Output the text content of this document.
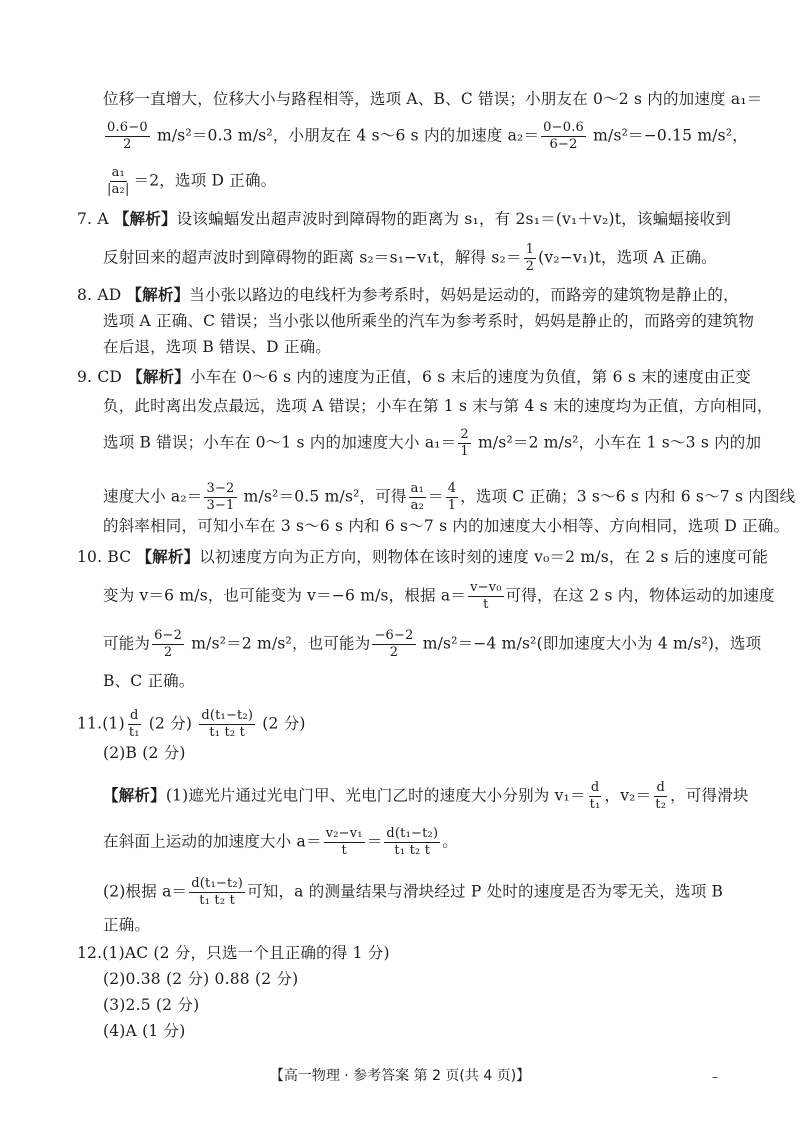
位移一直增大，位移大小与路程相等，选项 A、B、C 错误；小朋友在 0～2 s 内的加速度 a₁＝
$\frac{0.6-0}{2} m/s^2=0.3$ m/s²，小朋友在 4 s～6 s 内的加速度 $a_2= \frac{0-0.6}{6-2} m/s^2=-0.15$ m/s²，
$\frac{\text{a₁}}{\text{|a₂|}} =2$，选项 D 正确。
7. A 【解析】设该蝙蝠发出超声波时到障碍物的距离为 s₁，有 2s₁＝(v₁＋v₂)t，该蝙蝠接收到
反射回来的超声波时到障碍物的距离 s₂＝s₁−v₁t，解得 $s_2= \frac{1}{2} (v_2-v_1)t$，选项 A 正确。
8. AD 【解析】当小张以路边的电线杆为参考系时，妈妈是运动的，而路旁的建筑物是静止的，
选项 A 正确、C 错误；当小张以他所乘坐的汽车为参考系时，妈妈是静止的，而路旁的建筑物
在后退，选项 B 错误、D 正确。
9. CD 【解析】小车在 0～6 s 内的速度为正值，6 s 末后的速度为负值，第 6 s 末的速度由正变
负，此时离出发点最远，选项 A 错误；小车在第 1 s 末与第 4 s 末的速度均为正值，方向相同，
选项 B 错误；小车在 0～1 s 内的加速度大小 $a_1= \frac{2}{1} m/s^2=2$ m/s²，小车在 1 s～3 s 内的加
速度大小 $a_2= \frac{3-2}{3-1} m/s^2=0.5$ m/s²，可得 $\frac{\text{a₁}}{\text{a₂}} = \frac{4}{1}$ ，选项 C 正确；3 s～6 s 内和 6 s～7 s 内图线
的斜率相同，可知小车在 3 s～6 s 内和 6 s～7 s 内的加速度大小相等、方向相同，选项 D 正确。
10. BC 【解析】以初速度方向为正方向，则物体在该时刻的速度 v₀＝2 m/s，在 2 s 后的速度可能
变为 v＝6 m/s，也可能变为 v＝−6 m/s，根据 $a= \frac{\text{v−v₀}}{t}$ 可得，在这 2 s 内，物体运动的加速度
可能为 $\frac{6-2}{2} m/s^2=2$ m/s²，也可能为 $\frac{-6-2}{2} m/s^2=-4$ m/s²(即加速度大小为 4 m/s²)，选项
B、C 正确。
$11.(1) \frac{d}{\text{t₁}} (2$ 分) $\frac{\text{d(t₁−t₂)}}{\text{t₁ t₂ t}} (2$ 分)
(2)B (2 分)
【解析】(1)遮光片通过光电门甲、光电门乙时的速度大小分别为 $v_1= \frac{d}{\text{t₁}}$ ，$v_2= \frac{d}{\text{t₂}}$ ，可得滑块
在斜面上运动的加速度大小 $a= \frac{\text{v₂−v₁}}{t} = \frac{\text{d(t₁−t₂)}}{\text{t₁ t₂ t}}$ 。
(2)根据 $a= \frac{\text{d(t₁−t₂)}}{\text{t₁ t₂ t}}$ 可知，a 的测量结果与滑块经过 P 处时的速度是否为零无关，选项 B
正确。
12.(1)AC (2 分，只选一个且正确的得 1 分)
(2)0.38 (2 分) 0.88 (2 分)
(3)2.5 (2 分)
(4)A (1 分)
【高一物理 · 参考答案 第 2 页(共 4 页)】	–
